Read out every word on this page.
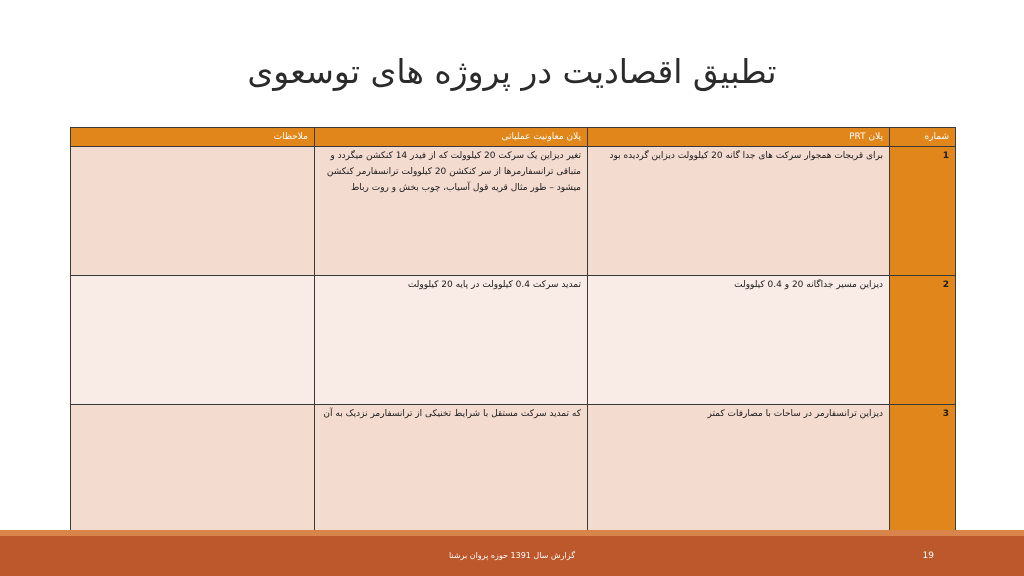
تطبیق اقصادیت در پروژه های توسعوی
شماره	پلان PRT	پلان معاونیت عملیاتی	ملاحظات
1	برای قریجات همجوار سرکت های جدا گانه 20 کیلوولت دیزاین گردیده بود	تغیر دیزاین یک سرکت 20 کیلوولت که از فیدر 14 کنکشن میگردد و متباقی ترانسفارمرها از سر کنکشن 20 کیلوولت ترانسفارمر کنکشن میشود – طور مثال قریه قول آسیاب، چوب بخش و روت رباط	
2	دیزاین مسیر جداگانه 20 و 0.4 کیلوولت	تمدید سرکت 0.4 کیلوولت در پایه 20 کیلوولت	
3	دیزاین ترانسفارمر در ساحات با مصارفات کمتر	که تمدید سرکت مستقل با شرایط تخنیکی از ترانسفارمر نزدیک به آن	
گزارش سال 1391 حوزه پروان برشنا	19
